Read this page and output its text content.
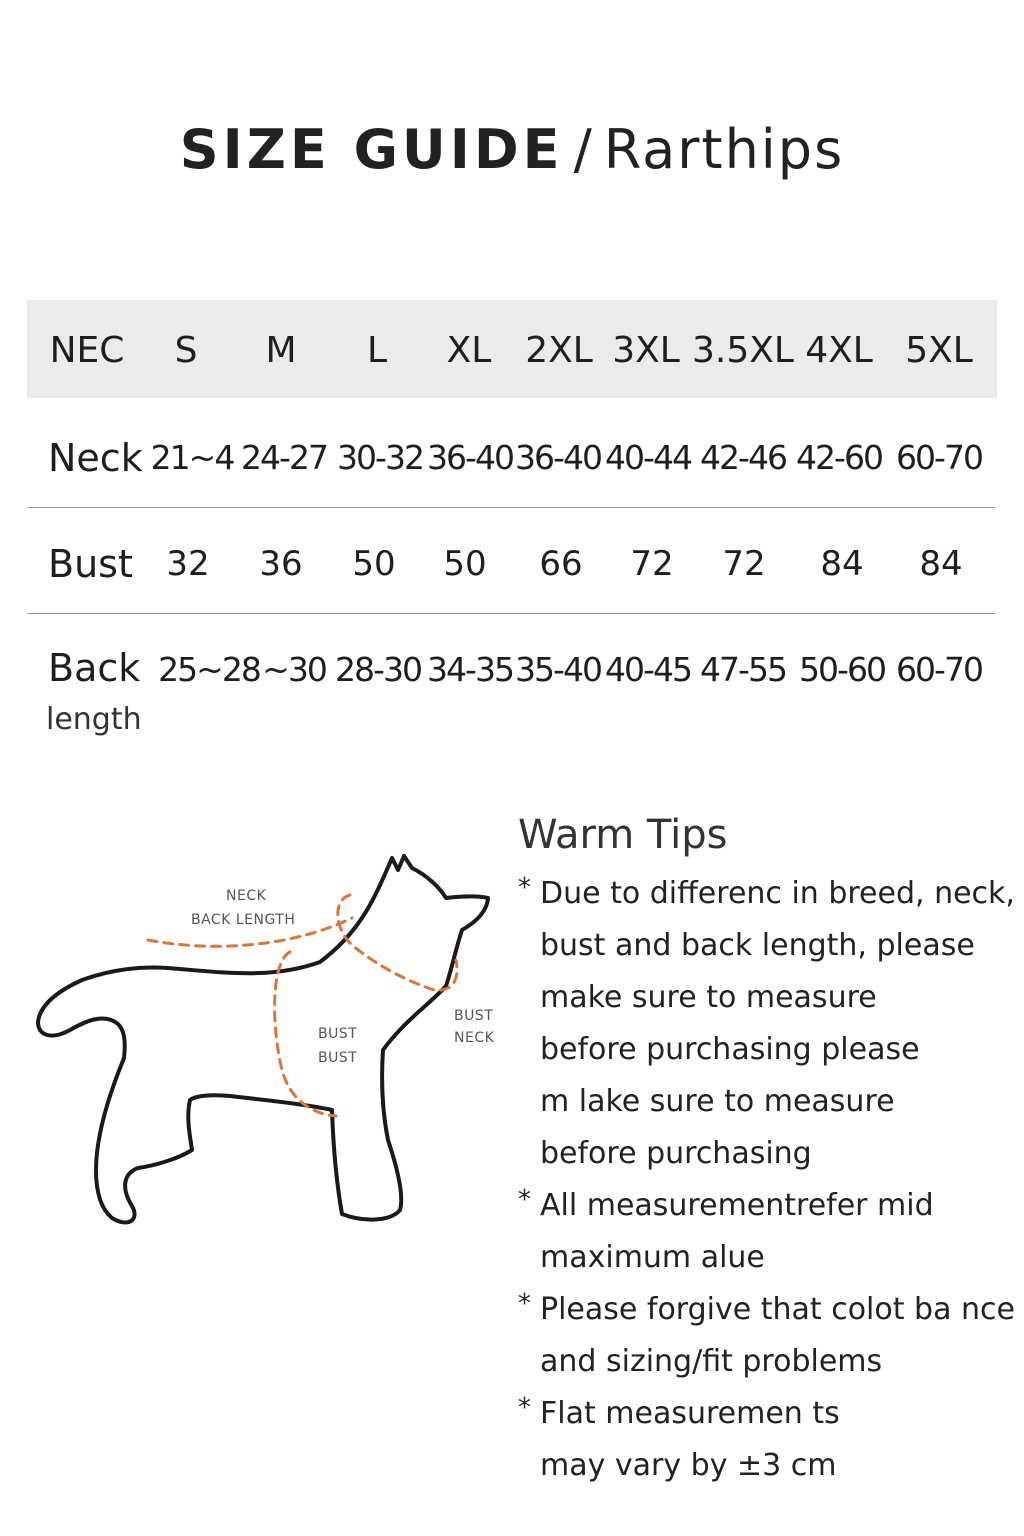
SIZE GUIDE / Rarthips
NEC S M L XL 2XL 3XL 3.5XL 4XL 5XL
Neck 21~4 24-27 30-32 36-40 36-40 40-44 42-46 42-60 60-70
Bust 32 36 50 50 66 72 72 84 84
Back
length
25~28 ~30 28-30 34-35 35-40 40-45 47-55 50-60 60-70
NECK
BACK LENGTH
BUST
BUST
BUST
NECK
Warm Tips
* Due to differenc in breed, neck,
bust and back length, please
make sure to measure
before purchasing please
m lake sure to measure
before purchasing
* All measurementrefer mid
maximum alue
* Please forgive that colot ba nce
and sizing/fit problems
* Flat measuremen ts
may vary by ±3 cm
